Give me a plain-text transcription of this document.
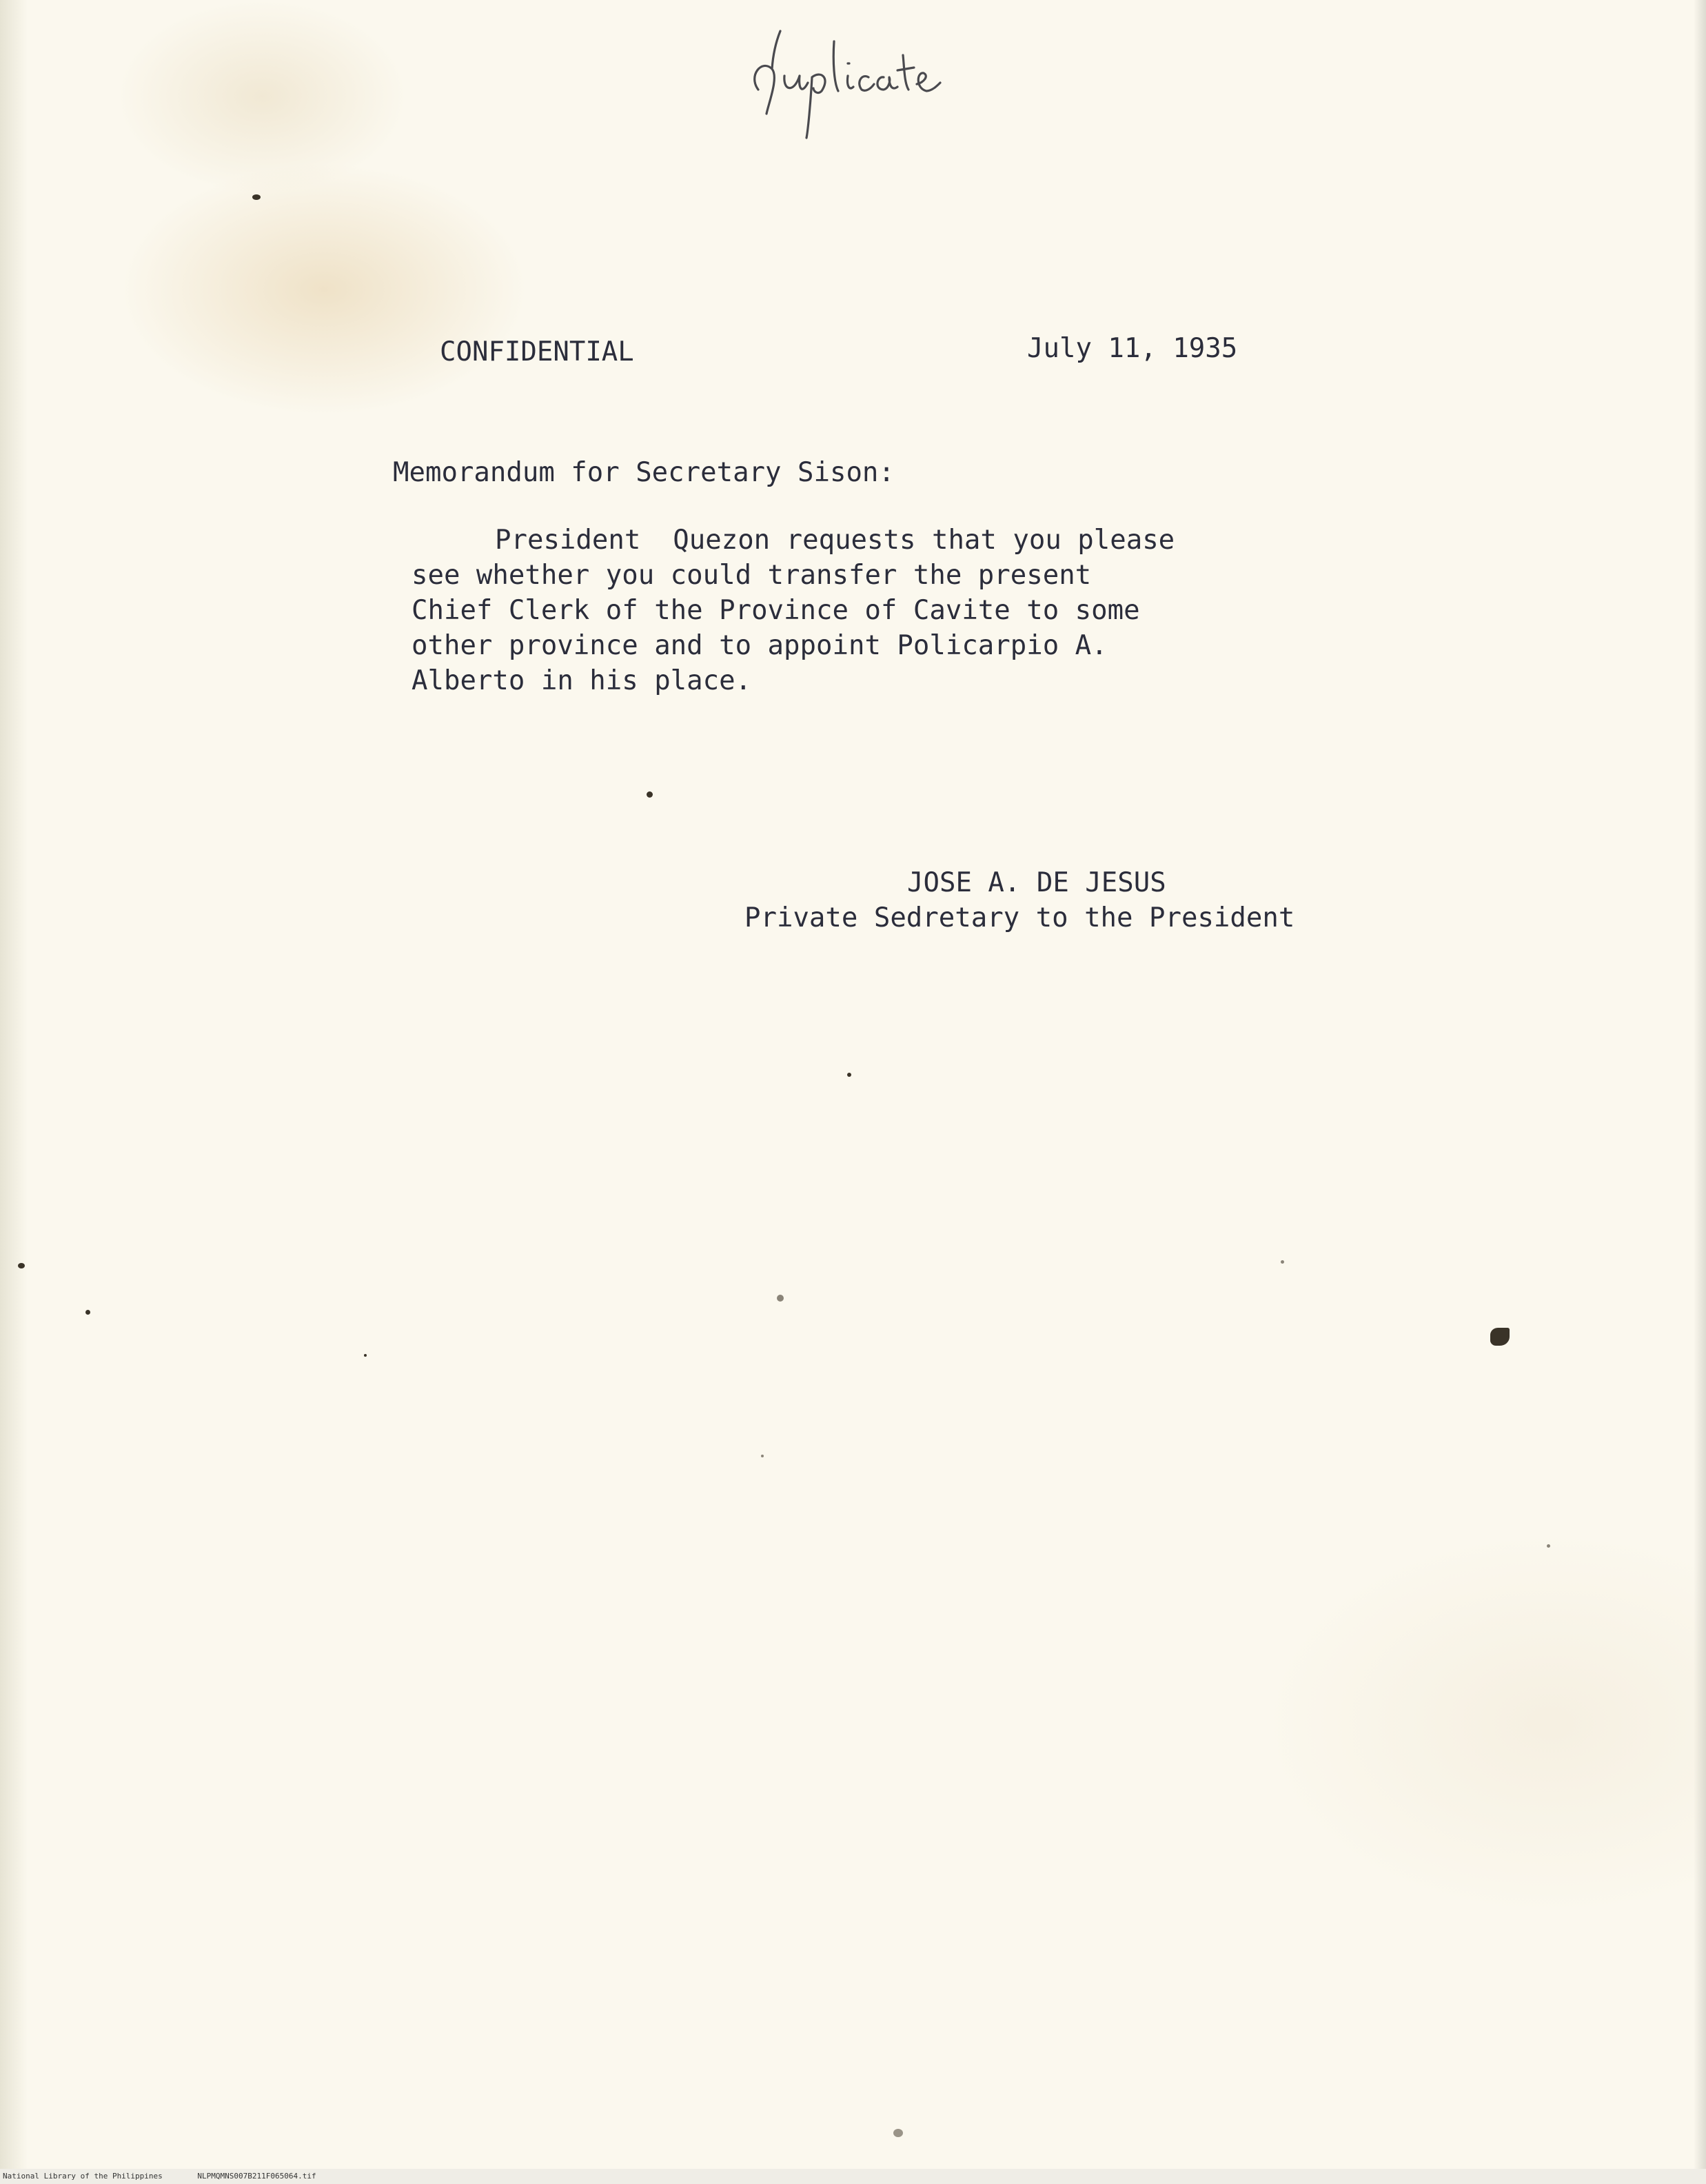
CONFIDENTIAL	July 11, 1935
Memorandum for Secretary Sison:
President  Quezon requests that you please
see whether you could transfer the present
Chief Clerk of the Province of Cavite to some
other province and to appoint Policarpio A.
Alberto in his place.
JOSE A. DE JESUS
Private Sedretary to the President
National Library of the Philippines	NLPMQMNS007B211F065064.tif
